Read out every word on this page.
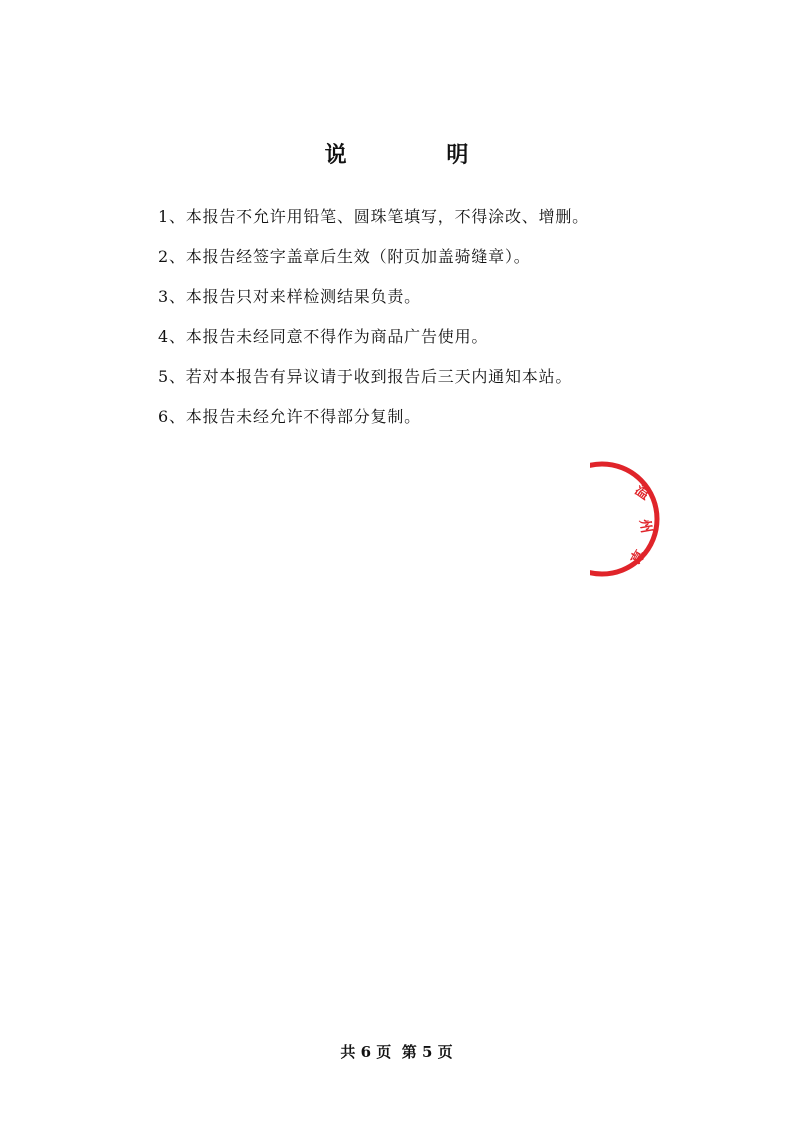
说 明
1、本报告不允许用铅笔、圆珠笔填写，不得涂改、增删。
2、本报告经签字盖章后生效（附页加盖骑缝章）。
3、本报告只对来样检测结果负责。
4、本报告未经同意不得作为商品广告使用。
5、若对本报告有异议请于收到报告后三天内通知本站。
6、本报告未经允许不得部分复制。
温
州
章
共 6 页 第 5 页
